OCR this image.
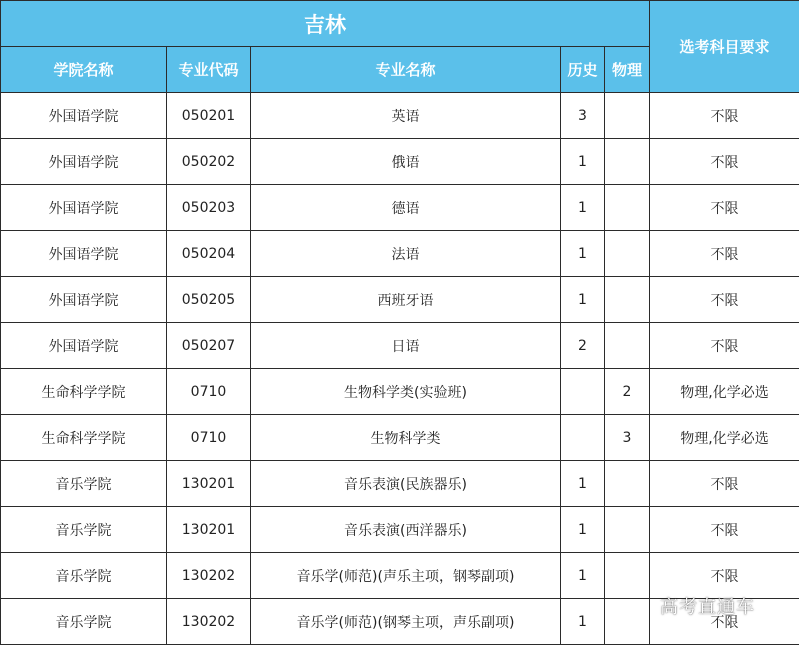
吉林					选考科目要求
学院名称	专业代码	专业名称	历史	物理	
外国语学院	050201	英语	3		不限
外国语学院	050202	俄语	1		不限
外国语学院	050203	德语	1		不限
外国语学院	050204	法语	1		不限
外国语学院	050205	西班牙语	1		不限
外国语学院	050207	日语	2		不限
生命科学学院	0710	生物科学类(实验班)		2	物理,化学必选
生命科学学院	0710	生物科学类		3	物理,化学必选
音乐学院	130201	音乐表演(民族器乐)	1		不限
音乐学院	130201	音乐表演(西洋器乐)	1		不限
音乐学院	130202	音乐学(师范)(声乐主项，钢琴副项)	1		不限
音乐学院	130202	音乐学(师范)(钢琴主项，声乐副项)	1		不限
高考直通车
